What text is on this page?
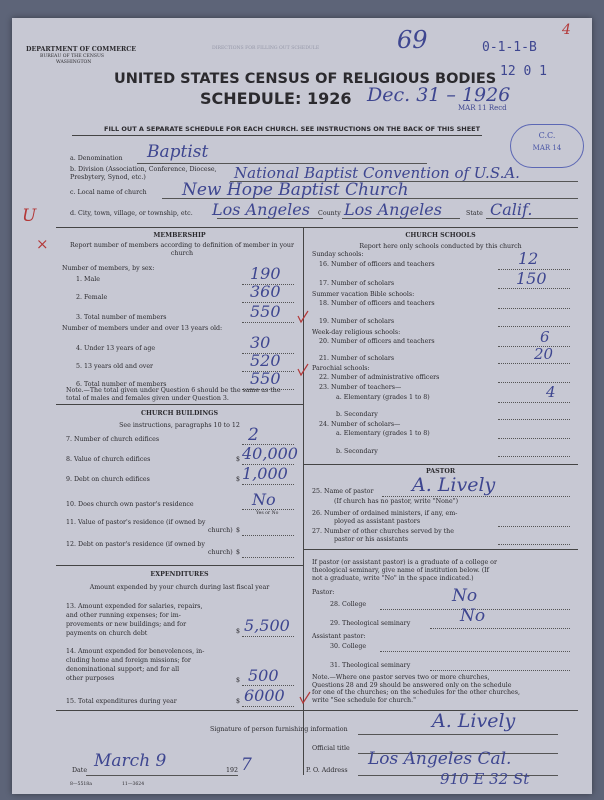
DEPARTMENT OF COMMERCE
BUREAU OF THE CENSUS
WASHINGTON
DIRECTIONS FOR FILLING OUT SCHEDULE	69	0-1-1-B
4
12 0 1
UNITED STATES CENSUS OF RELIGIOUS BODIES
SCHEDULE: 1926 Dec. 31 – 1926
MAR 11 Recd
C.C.
MAR 14
FILL OUT A SEPARATE SCHEDULE FOR EACH CHURCH. SEE INSTRUCTIONS ON THE BACK OF THIS SHEET
a. Denomination Baptist
b. Division (Association, Conference, Diocese, Presbytery, Synod, etc.)	National Baptist Convention of U.S.A.
c. Local name of church New Hope Baptist Church
U	d. City, town, village, or township, etc. Los Angeles County Los Angeles	State Calif.
×	MEMBERSHIP
Report number of members according to definition of member in your church
Number of members, by sex:
1. Male	190
2. Female	360
3. Total number of members	550
4. Under 13 years of age	30
5. 13 years old and over	520
6. Total number of members	550
Number of members under and over 13 years old:
Note.—The total given under Question 6 should be the same as the total of males and females given under Question 3.
CHURCH BUILDINGS
See instructions, paragraphs 10 to 12
7. Number of church edifices	2
8. Value of church edifices	$ 40,000
9. Debt on church edifices	$ 1,000
10. Does church own pastor's residence	No
Yes or No
11. Value of pastor's residence (if owned by
church) $
12. Debt on pastor's residence (if owned by
church) $
EXPENDITURES
Amount expended by your church during last fiscal year
13. Amount expended for salaries, repairs,
and other running expenses; for im-
provements or new buildings; and for
payments on church debt	5,500
14. Amount expended for benevolences, in-
cluding home and foreign missions; for
denominational support; and for all
other purposes	500
15. Total expenditures during year	6000
CHURCH SCHOOLS
Report here only schools conducted by this church
Sunday schools:
16. Number of officers and teachers	12
17. Number of scholars	150
Summer vacation Bible schools:
18. Number of officers and teachers
19. Number of scholars
Week-day religious schools:
20. Number of officers and teachers	6
21. Number of scholars	20
Parochial schools:
22. Number of administrative officers
23. Number of teachers—
a. Elementary (grades 1 to 8)	4
b. Secondary
24. Number of scholars—
a. Elementary (grades 1 to 8)
b. Secondary
PASTOR
25. Name of pastor A. Lively
(If church has no pastor, write "None")
26. Number of ordained ministers, if any, em-
ployed as assistant pastors
27. Number of other churches served by the
pastor or his assistants
If pastor (or assistant pastor) is a graduate of a college or
theological seminary, give name of institution below. (If
not a graduate, write "No" in the space indicated.)
Pastor:
28. College	No
29. Theological seminary	No
Assistant pastor:
30. College
31. Theological seminary
Note.—Where one pastor serves two or more churches,
Questions 28 and 29 should be answered only on the schedule
for one of the churches; on the schedules for the other churches,
write "See schedule for church."
Signature of person furnishing information	A. Lively
Official title
Date March 9	192 7	P. O. Address
Los Angeles Cal.
910 E 32 St
8—5518a	11—3624
$
$
$
